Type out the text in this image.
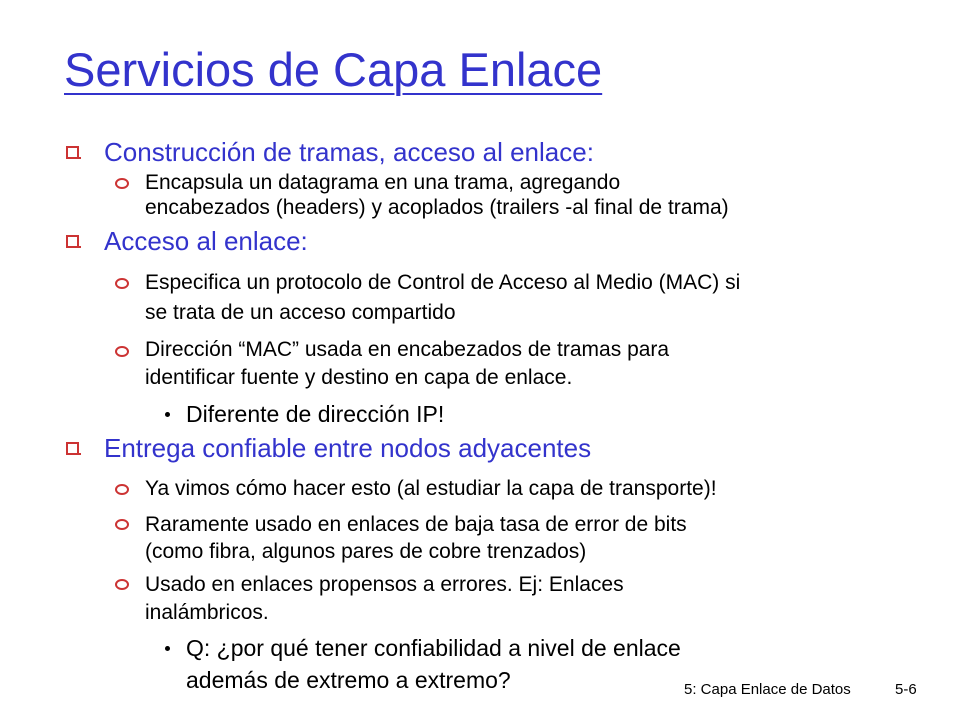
Servicios de Capa Enlace
Construcción de tramas, acceso al enlace:
Encapsula un datagrama en una trama, agregando
encabezados (headers) y acoplados (trailers -al final de trama)
Acceso al enlace:
Especifica un protocolo de Control de Acceso al Medio (MAC) si
se trata de un acceso compartido
Dirección “MAC” usada en encabezados de tramas para
identificar fuente y destino en capa de enlace.
Diferente de dirección IP!
Entrega confiable entre nodos adyacentes
Ya vimos cómo hacer esto (al estudiar la capa de transporte)!
Raramente usado en enlaces de baja tasa de error de bits
(como fibra, algunos pares de cobre trenzados)
Usado en enlaces propensos a errores. Ej: Enlaces
inalámbricos.
Q: ¿por qué tener confiabilidad a nivel de enlace
además de extremo a extremo?	5: Capa Enlace de Datos	5-6
